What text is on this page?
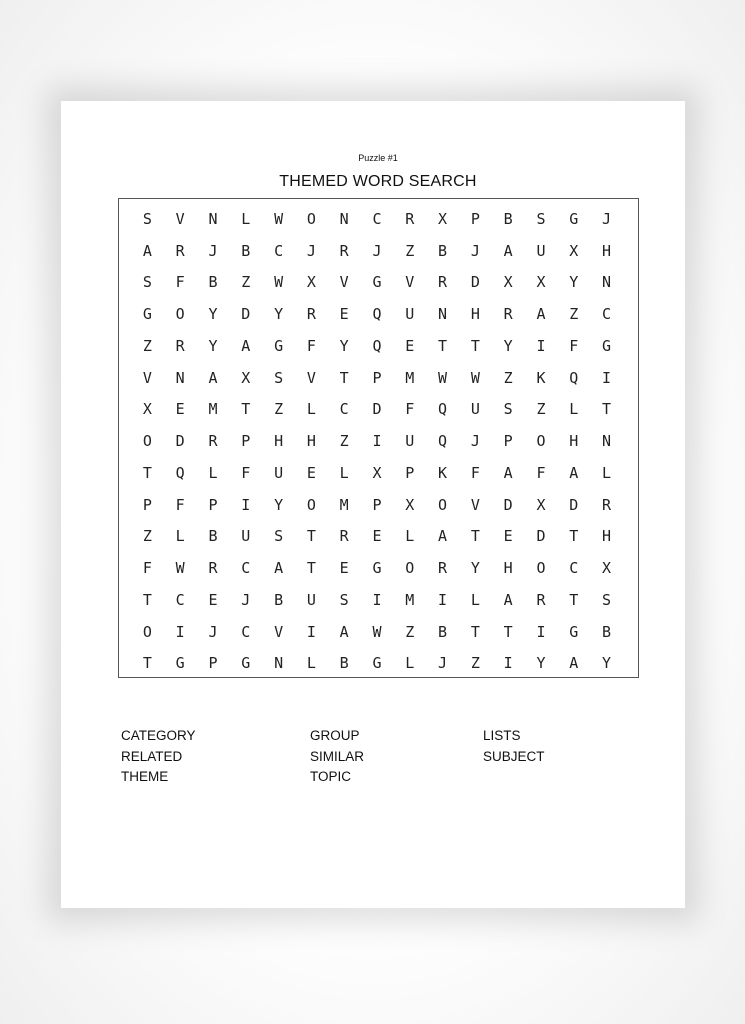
Puzzle #1
THEMED WORD SEARCH
S	V	N	L	W	O	N	C	R	X	P	B	S	G	J
A	R	J	B	C	J	R	J	Z	B	J	A	U	X	H
S	F	B	Z	W	X	V	G	V	R	D	X	X	Y	N
G	O	Y	D	Y	R	E	Q	U	N	H	R	A	Z	C
Z	R	Y	A	G	F	Y	Q	E	T	T	Y	I	F	G
V	N	A	X	S	V	T	P	M	W	W	Z	K	Q	I
X	E	M	T	Z	L	C	D	F	Q	U	S	Z	L	T
O	D	R	P	H	H	Z	I	U	Q	J	P	O	H	N
T	Q	L	F	U	E	L	X	P	K	F	A	F	A	L
P	F	P	I	Y	O	M	P	X	O	V	D	X	D	R
Z	L	B	U	S	T	R	E	L	A	T	E	D	T	H
F	W	R	C	A	T	E	G	O	R	Y	H	O	C	X
T	C	E	J	B	U	S	I	M	I	L	A	R	T	S
O	I	J	C	V	I	A	W	Z	B	T	T	I	G	B
T	G	P	G	N	L	B	G	L	J	Z	I	Y	A	Y
CATEGORY	GROUP	LISTS
RELATED	SIMILAR	SUBJECT
THEME	TOPIC
